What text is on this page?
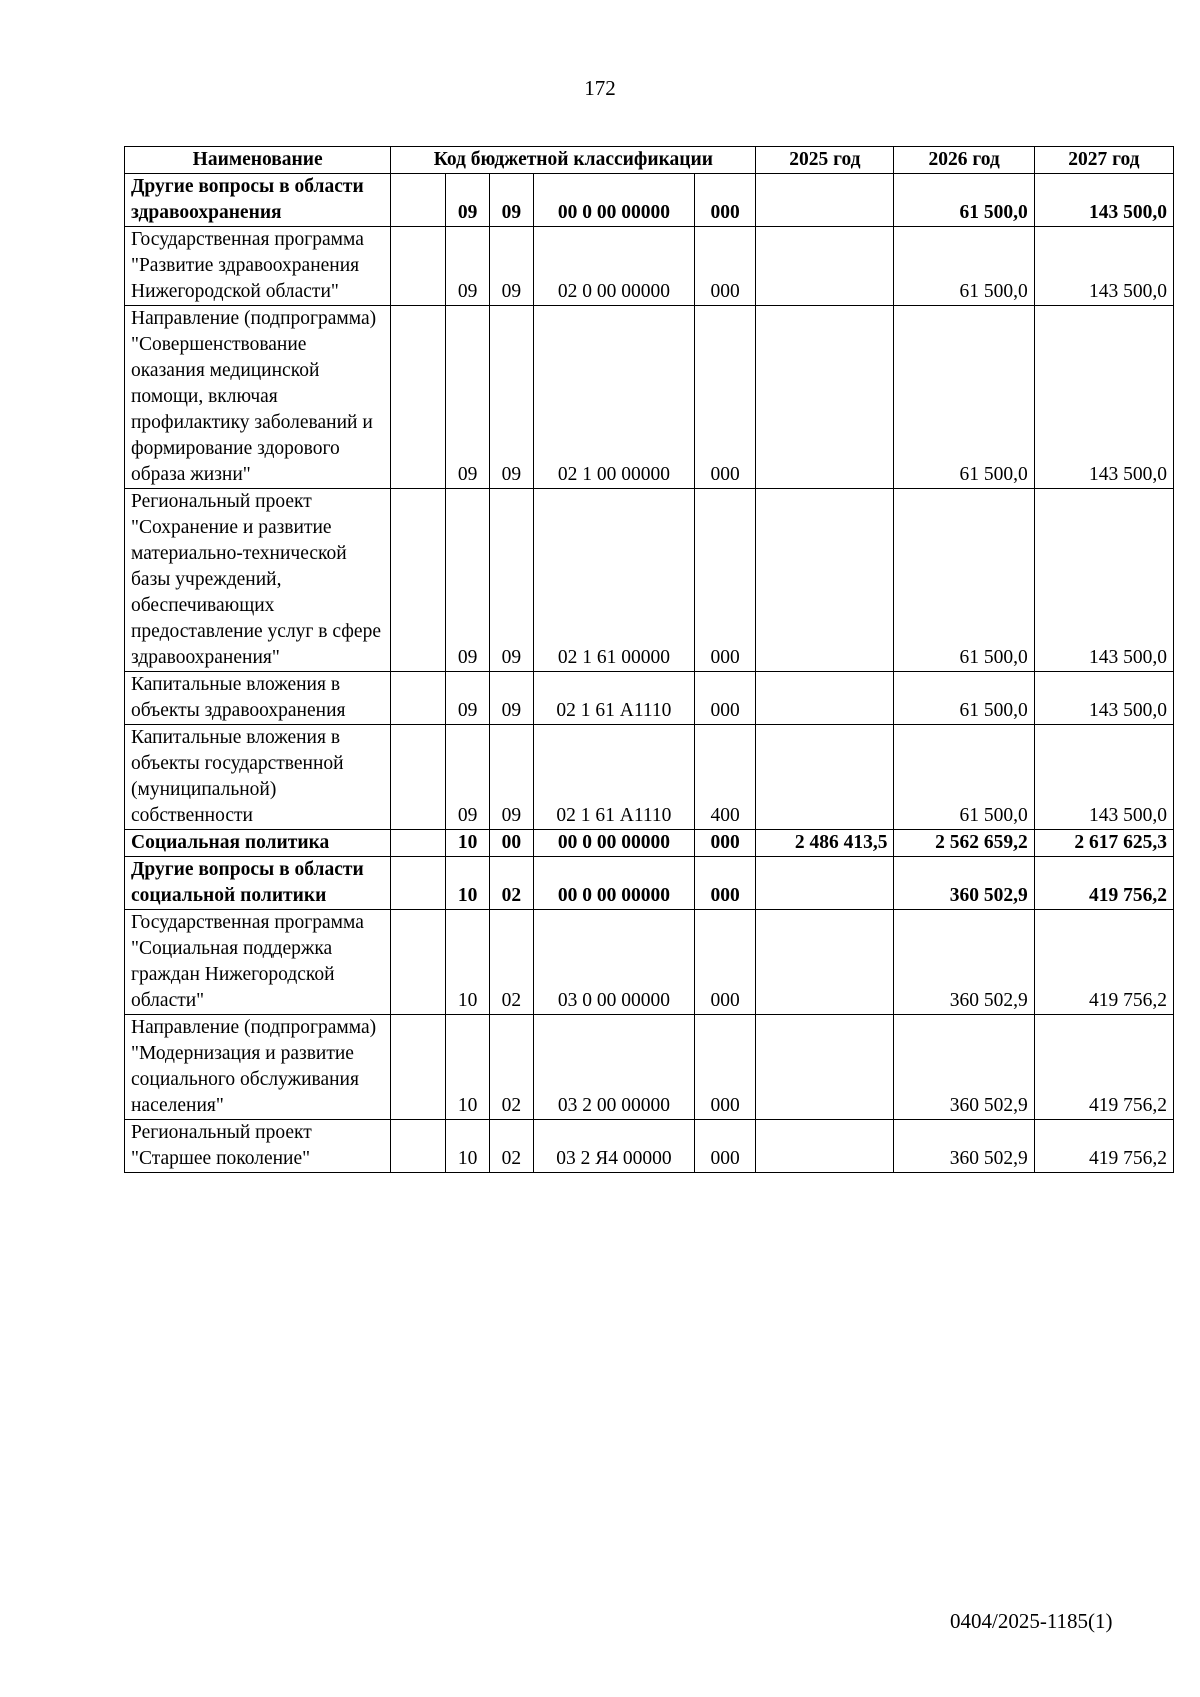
172
Наименование	Код бюджетной классификации					2025 год	2026 год	2027 год
Другие вопросы в области здравоохранения		09	09	00 0 00 00000	000		61 500,0	143 500,0
Государственная программа "Развитие здравоохранения Нижегородской области"		09	09	02 0 00 00000	000		61 500,0	143 500,0
Направление (подпрограмма) "Совершенствование оказания медицинской помощи, включая профилактику заболеваний и формирование здорового образа жизни"		09	09	02 1 00 00000	000		61 500,0	143 500,0
Региональный проект "Сохранение и развитие материально-технической базы учреждений, обеспечивающих предоставление услуг в сфере здравоохранения"		09	09	02 1 61 00000	000		61 500,0	143 500,0
Капитальные вложения в объекты здравоохранения		09	09	02 1 61 А1110	000		61 500,0	143 500,0
Капитальные вложения в объекты государственной (муниципальной) собственности		09	09	02 1 61 А1110	400		61 500,0	143 500,0
Социальная политика		10	00	00 0 00 00000	000	2 486 413,5	2 562 659,2	2 617 625,3
Другие вопросы в области социальной политики		10	02	00 0 00 00000	000		360 502,9	419 756,2
Государственная программа "Социальная поддержка граждан Нижегородской области"		10	02	03 0 00 00000	000		360 502,9	419 756,2
Направление (подпрограмма) "Модернизация и развитие социального обслуживания населения"		10	02	03 2 00 00000	000		360 502,9	419 756,2
Региональный проект "Старшее поколение"		10	02	03 2 Я4 00000	000		360 502,9	419 756,2
0404/2025-1185(1)
